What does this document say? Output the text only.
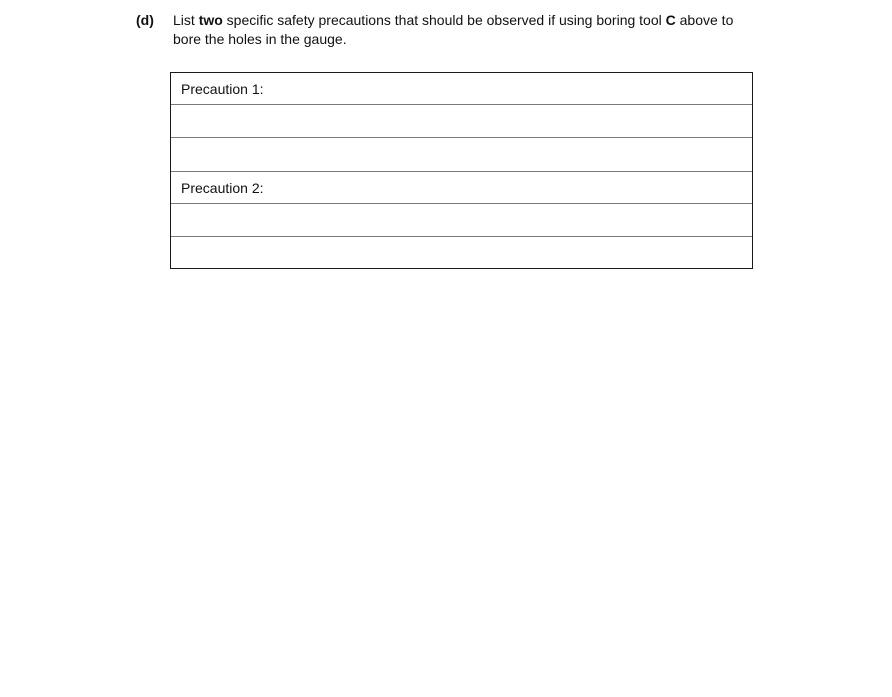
(d) List two specific safety precautions that should be observed if using boring tool C above to bore the holes in the gauge.
Precaution 1:
Precaution 2:
